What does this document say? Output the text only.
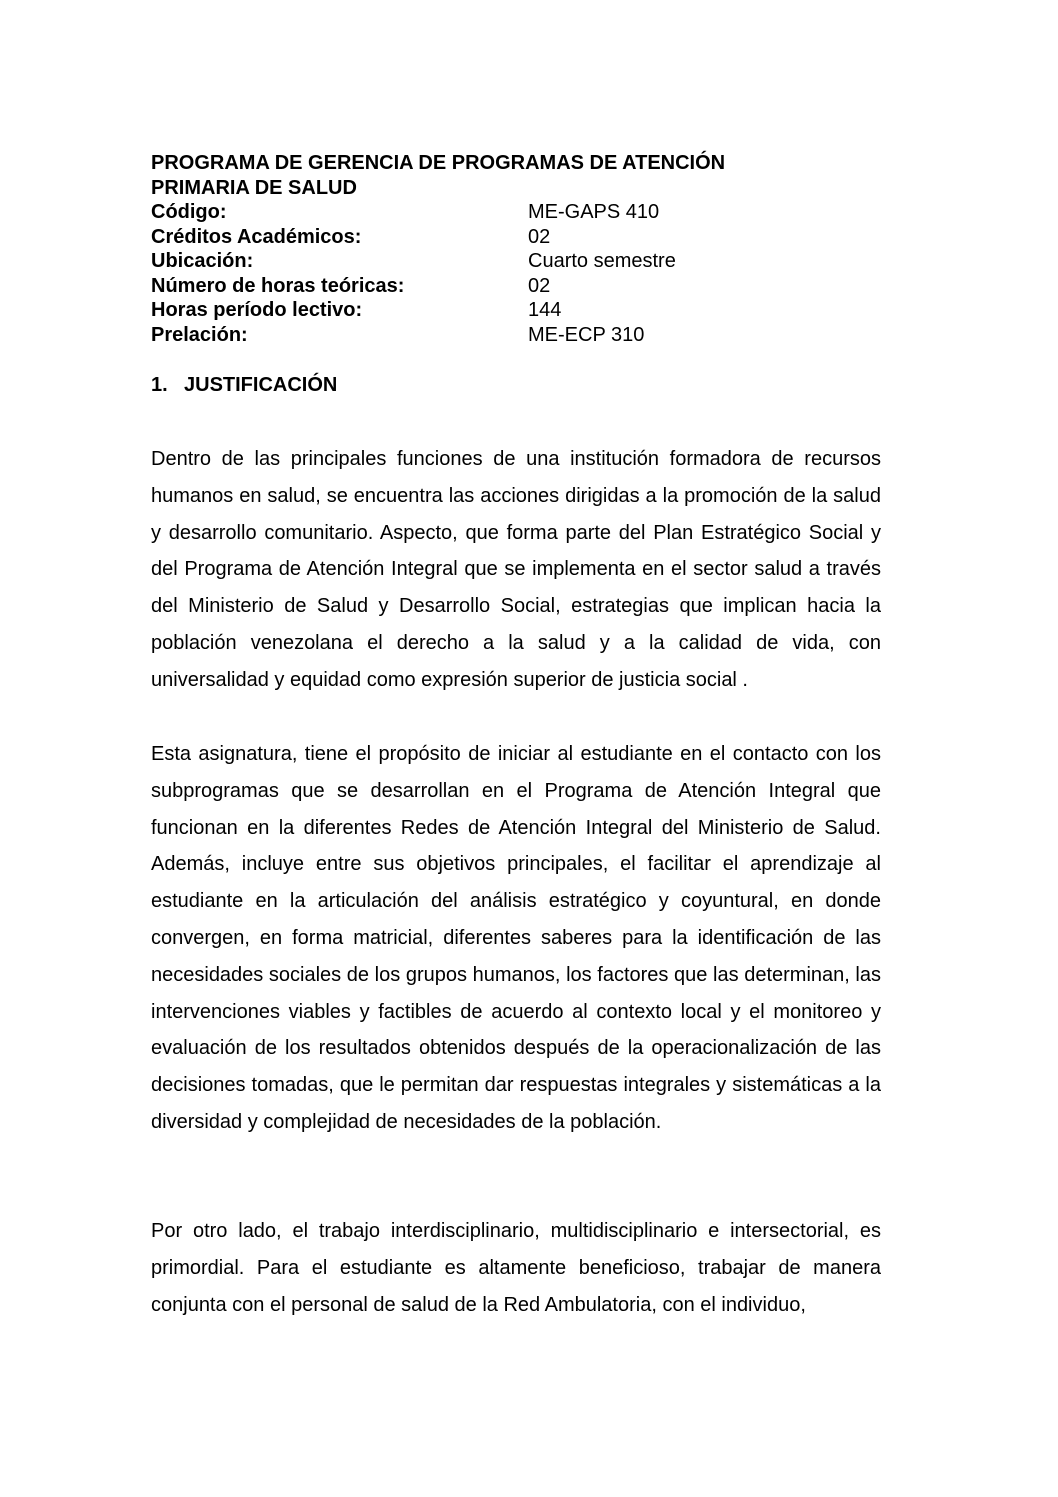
PROGRAMA DE GERENCIA DE PROGRAMAS DE ATENCIÓN
PRIMARIA DE SALUD
Código:	ME-GAPS 410
Créditos Académicos:	02
Ubicación:	Cuarto semestre
Número de horas teóricas:	02
Horas período lectivo:	144
Prelación:	ME-ECP 310
1. JUSTIFICACIÓN

Dentro de las principales funciones de una institución formadora de recursos humanos en salud, se encuentra las acciones dirigidas a la promoción de la salud y desarrollo comunitario. Aspecto, que forma parte del Plan Estratégico Social y del Programa de Atención Integral que se implementa en el sector salud a través del Ministerio de Salud y Desarrollo Social, estrategias que implican hacia la población venezolana el derecho a la salud y a la calidad de vida, con universalidad y equidad como expresión superior de justicia social .

Esta asignatura, tiene el propósito de iniciar al estudiante en el contacto con los subprogramas que se desarrollan en el Programa de Atención Integral que funcionan en la diferentes Redes de Atención Integral del Ministerio de Salud. Además, incluye entre sus objetivos principales, el facilitar el aprendizaje al estudiante en la articulación del análisis estratégico y coyuntural, en donde convergen, en forma matricial, diferentes saberes para la identificación de las necesidades sociales de los grupos humanos, los factores que las determinan, las intervenciones viables y factibles de acuerdo al contexto local y el monitoreo y evaluación de los resultados obtenidos después de la operacionalización de las decisiones tomadas, que le permitan dar respuestas integrales y sistemáticas a la diversidad y complejidad de necesidades de la población.

Por otro lado, el trabajo interdisciplinario, multidisciplinario e intersectorial, es primordial. Para el estudiante es altamente beneficioso, trabajar de manera conjunta con el personal de salud de la Red Ambulatoria, con el individuo,
